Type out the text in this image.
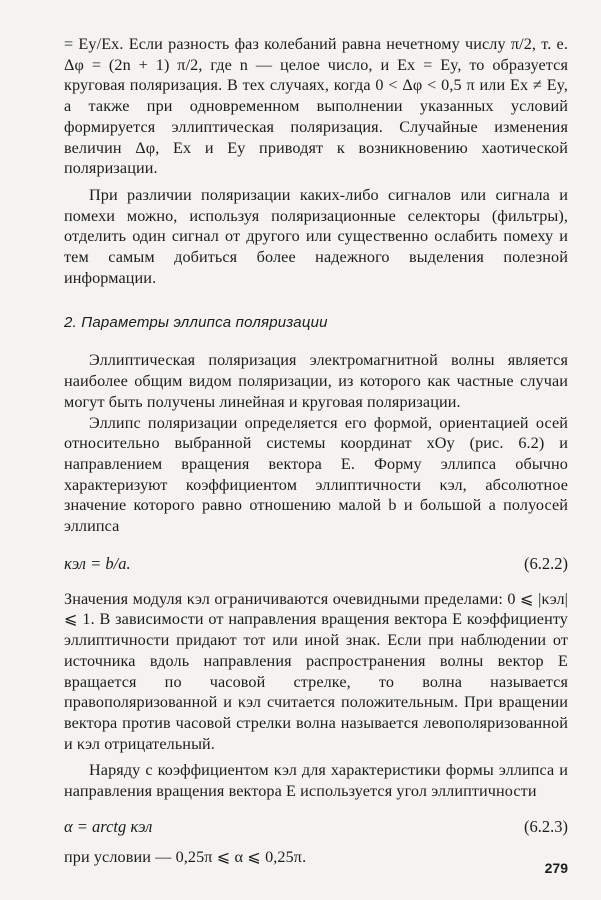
= Ey/Ex. Если разность фаз колебаний равна нечетному числу π/2, т. е. Δφ = (2n + 1) π/2, где n — целое число, и Ex = Ey, то образуется круговая поляризация. В тех случаях, когда 0 < Δφ < 0,5 π или Ex ≠ Ey, а также при одновременном выполнении указанных условий формируется эллиптическая поляризация. Случайные изменения величин Δφ, Ex и Ey приводят к возникновению хаотической поляризации.

При различии поляризации каких-либо сигналов или сигнала и помехи можно, используя поляризационные селекторы (фильтры), отделить один сигнал от другого или существенно ослабить помеху и тем самым добиться более надежного выделения полезной информации.

2. Параметры эллипса поляризации

Эллиптическая поляризация электромагнитной волны является наиболее общим видом поляризации, из которого как частные случаи могут быть получены линейная и круговая поляризации.

Эллипс поляризации определяется его формой, ориентацией осей относительно выбранной системы координат xOy (рис. 6.2) и направлением вращения вектора E. Форму эллипса обычно характеризуют коэффициентом эллиптичности κэл, абсолютное значение которого равно отношению малой b и большой a полуосей эллипса

κэл = b/a.	(6.2.2)

Значения модуля κэл ограничиваются очевидными пределами: 0 ⩽ |κэл| ⩽ 1. В зависимости от направления вращения вектора E коэффициенту эллиптичности придают тот или иной знак. Если при наблюдении от источника вдоль направления распространения волны вектор E вращается по часовой стрелке, то волна называется правополяризованной и κэл считается положительным. При вращении вектора против часовой стрелки волна называется левополяризованной и κэл отрицательный.

Наряду с коэффициентом κэл для характеристики формы эллипса и направления вращения вектора E используется угол эллиптичности

α = arctg κэл	(6.2.3)

при условии — 0,25π ⩽ α ⩽ 0,25π.

279
